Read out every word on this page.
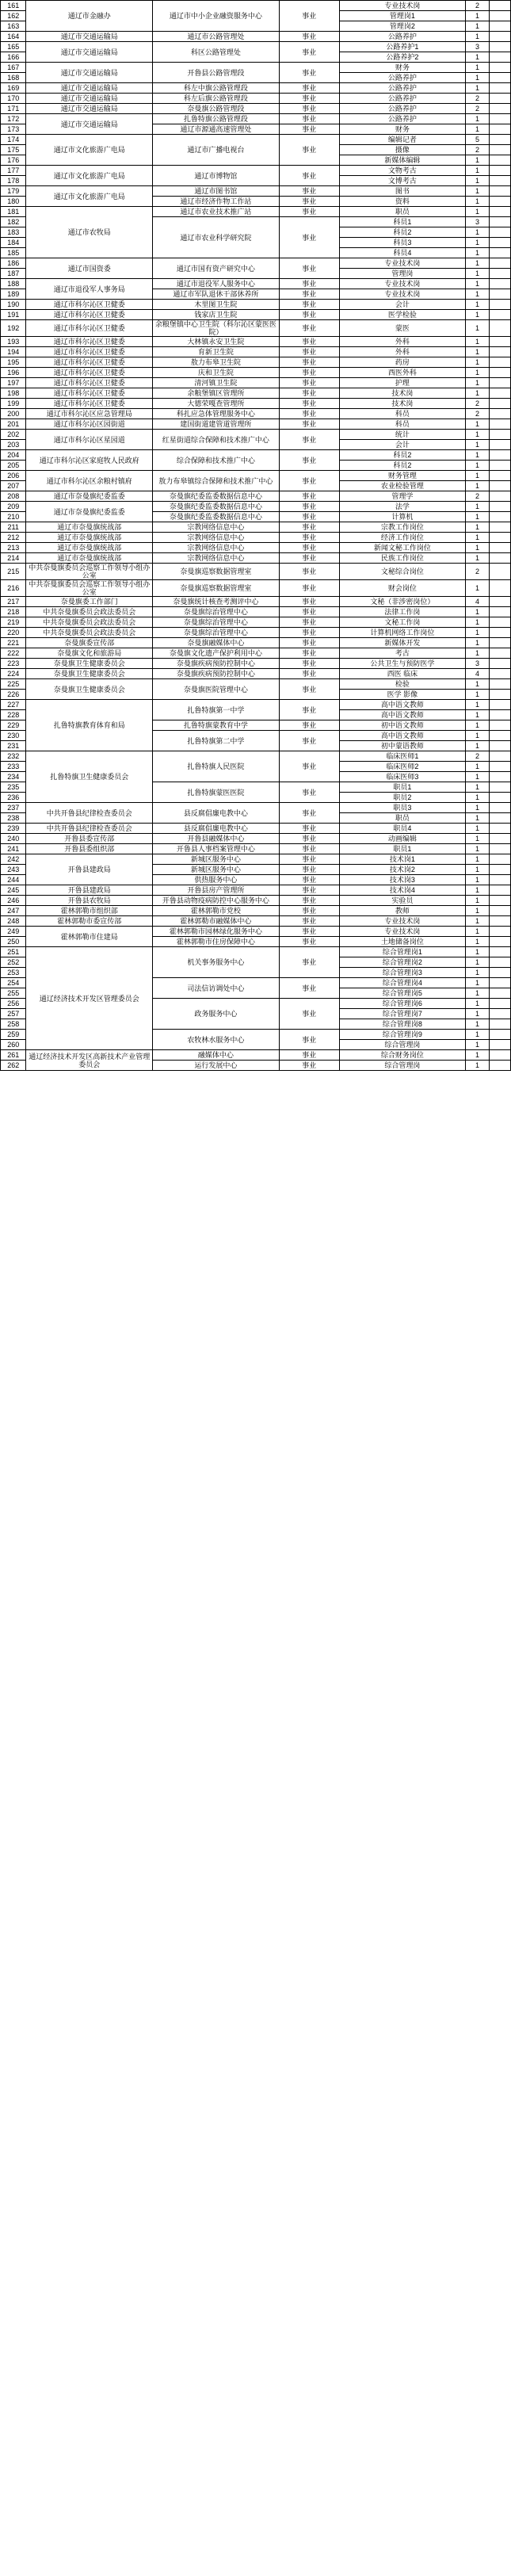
161	通辽市金融办	通辽市中小企业融资服务中心	事业	专业技术岗	2	
162				管理岗1	1	
163				管理岗2	1	
164	通辽市交通运输局	通辽市公路管理处	事业	公路养护	1	
165	通辽市交通运输局	科区公路管理处	事业	公路养护1	3	
166				公路养护2	1	
167	通辽市交通运输局	开鲁县公路管理段	事业	财务	1	
168				公路养护	1	
169	通辽市交通运输局	科左中旗公路管理段	事业	公路养护	1	
170	通辽市交通运输局	科左后旗公路管理段	事业	公路养护	2	
171	通辽市交通运输局	奈曼旗公路管理段	事业	公路养护	2	
172	通辽市交通运输局	扎鲁特旗公路管理段	事业	公路养护	1	
173		通辽市源通高速管理处	事业	财务	1	
174	通辽市文化旅游广电局	通辽市广播电视台	事业	编辑记者	5	
175				摄像	2	
176				新媒体编辑	1	
177	通辽市文化旅游广电局	通辽市博物馆	事业	文物考古	1	
178				文博考古	1	
179	通辽市文化旅游广电局	通辽市图书馆	事业	图书	1	
180		通辽市经济作物工作站	事业	资料	1	
181	通辽市农牧局	通辽市农业技术推广站	事业	职员	1	
182		通辽市农业科学研究院	事业	科员1	3	
183				科员2	1	
184				科员3	1	
185				科员4	1	
186	通辽市国资委	通辽市国有资产研究中心	事业	专业技术岗	1	
187				管理岗	1	
188	通辽市退役军人事务局	通辽市退役军人服务中心	事业	专业技术岗	1	
189		通辽市军队退休干部休养所	事业	专业技术岗	1	
190	通辽市科尔沁区卫健委	木里图卫生院	事业	会计	1	
191	通辽市科尔沁区卫健委	钱家店卫生院	事业	医学检验	1	
192	通辽市科尔沁区卫健委	余粮堡镇中心卫生院（科尔沁区蒙医医院）	事业	蒙医	1	
193	通辽市科尔沁区卫健委	大林镇永安卫生院	事业	外科	1	
194	通辽市科尔沁区卫健委	育新卫生院	事业	外科	1	
195	通辽市科尔沁区卫健委	敖力布皋卫生院	事业	药房	1	
196	通辽市科尔沁区卫健委	庆和卫生院	事业	西医外科	1	
197	通辽市科尔沁区卫健委	清河镇卫生院	事业	护理	1	
198	通辽市科尔沁区卫健委	余粮堡镇区管理所	事业	技术岗	1	
199	通辽市科尔沁区卫健委	大德荣嘎查管理所	事业	技术岗	2	
200	通辽市科尔沁区应急管理局	科扎应急体管理服务中心	事业	科员	2	
201	通辽市科尔沁区园街道	建国街道建管道管理所	事业	科员	1	
202	通辽市科尔沁区星园道	红星街道综合保障和技术推广中心	事业	统计	1	
203				会计	1	
204	通辽市科尔沁区家庭牧人民政府	综合保障和技术推广中心	事业	科员2	1	
205				科员2	1	
206	通辽市科尔沁区余粮村镇府	敖力布皋镇综合保障和技术推广中心	事业	财务管理	1	
207				农业检验管理	1	
208	通辽市奈曼旗纪委监委	奈曼旗纪委监委数据信息中心	事业	管理学	2	
209	通辽市奈曼旗纪委监委	奈曼旗纪委监委数据信息中心	事业	法学	1	
210		奈曼旗纪委监委数据信息中心	事业	计算机	1	
211	通辽市奈曼旗统战部	宗教网络信息中心	事业	宗教工作岗位	1	
212	通辽市奈曼旗统战部	宗教网络信息中心	事业	经济工作岗位	1	
213	通辽市奈曼旗统战部	宗教网络信息中心	事业	新闻文秘工作岗位	1	
214	通辽市奈曼旗统战部	宗教网络信息中心	事业	民族工作岗位	1	
215	中共奈曼旗委员会巡察工作领导小组办公室	奈曼旗巡察数据管理室	事业	文秘综合岗位	2	
216	中共奈曼旗委员会巡察工作领导小组办公室	奈曼旗巡察数据管理室	事业	财会岗位	1	
217	奈曼旗委工作部门	奈曼旗统计核查考测评中心	事业	文秘（非涉密岗位）	4	
218	中共奈曼旗委员会政法委员会	奈曼旗综治管理中心	事业	法律工作岗	1	
219	中共奈曼旗委员会政法委员会	奈曼旗综治管理中心	事业	文秘工作岗	1	
220	中共奈曼旗委员会政法委员会	奈曼旗综治管理中心	事业	计算机网络工作岗位	1	
221	奈曼旗委宣传部	奈曼旗融媒体中心	事业	新媒体开发	1	
222	奈曼旗文化和旅游局	奈曼旗文化遗产保护利用中心	事业	考古	1	
223	奈曼旗卫生健康委员会	奈曼旗疾病预防控制中心	事业	公共卫生与预防医学	3	
224	奈曼旗卫生健康委员会	奈曼旗疾病预防控制中心	事业	西医 临床	4	
225	奈曼旗卫生健康委员会	奈曼旗医院管理中心	事业	检验	1	
226				医学 影像	1	
227	扎鲁特旗教育体育和局	扎鲁特旗第一中学	事业	高中语文教师	1	
228				高中语文教师	1	
229		扎鲁特旗蒙教育中学	事业	初中语文教师	1	
230		扎鲁特旗第二中学	事业	高中语文教师	1	
231				初中蒙语教师	1	
232	扎鲁特旗卫生健康委员会	扎鲁特旗人民医院	事业	临床医师1	2	
233				临床医师2	1	
234				临床医师3	1	
235		扎鲁特旗蒙医医院	事业	职员1	1	
236				职员2	1	
237	中共开鲁县纪律检查委员会	县反腐倡廉电教中心	事业	职员3	1	
238				职员	1	
239	中共开鲁县纪律检查委员会	县反腐倡廉电教中心	事业	职员4	1	
240	开鲁县委宣传部	开鲁县融媒体中心	事业	动画编辑	1	
241	开鲁县委组织部	开鲁县人事档案管理中心	事业	职员1	1	
242	开鲁县建政局	新城区服务中心	事业	技术岗1	1	
243		新城区服务中心	事业	技术岗2	1	
244		供热服务中心	事业	技术岗3	1	
245	开鲁县建政局	开鲁县房产管理所	事业	技术岗4	1	
246	开鲁县农牧局	开鲁县动物疫病防控中心服务中心	事业	实验员	1	
247	霍林郭勒市组织部	霍林郭勒市党校	事业	教师	1	
248	霍林郭勒市委宣传部	霍林郭勒市融媒体中心	事业	专业技术岗	1	
249	霍林郭勒市住建局	霍林郭勒市园林绿化服务中心	事业	专业技术岗	1	
250		霍林郭勒市住房保障中心	事业	土地储备岗位	1	
251	通辽经济技术开发区管理委员会	机关事务服务中心	事业	综合管理岗1	1	
252				综合管理岗2	1	
253				综合管理岗3	1	
254		司法信访调处中心	事业	综合管理岗4	1	
255				综合管理岗5	1	
256		政务服务中心	事业	综合管理岗6	1	
257				综合管理岗7	1	
258				综合管理岗8	1	
259		农牧林水服务中心	事业	综合管理岗9	1	
260				综合管理岗	1	
261	通辽经济技术开发区高新技术产业管理委员会	融媒体中心	事业	综合财务岗位	1	
262		运行发展中心	事业	综合管理岗	1	
